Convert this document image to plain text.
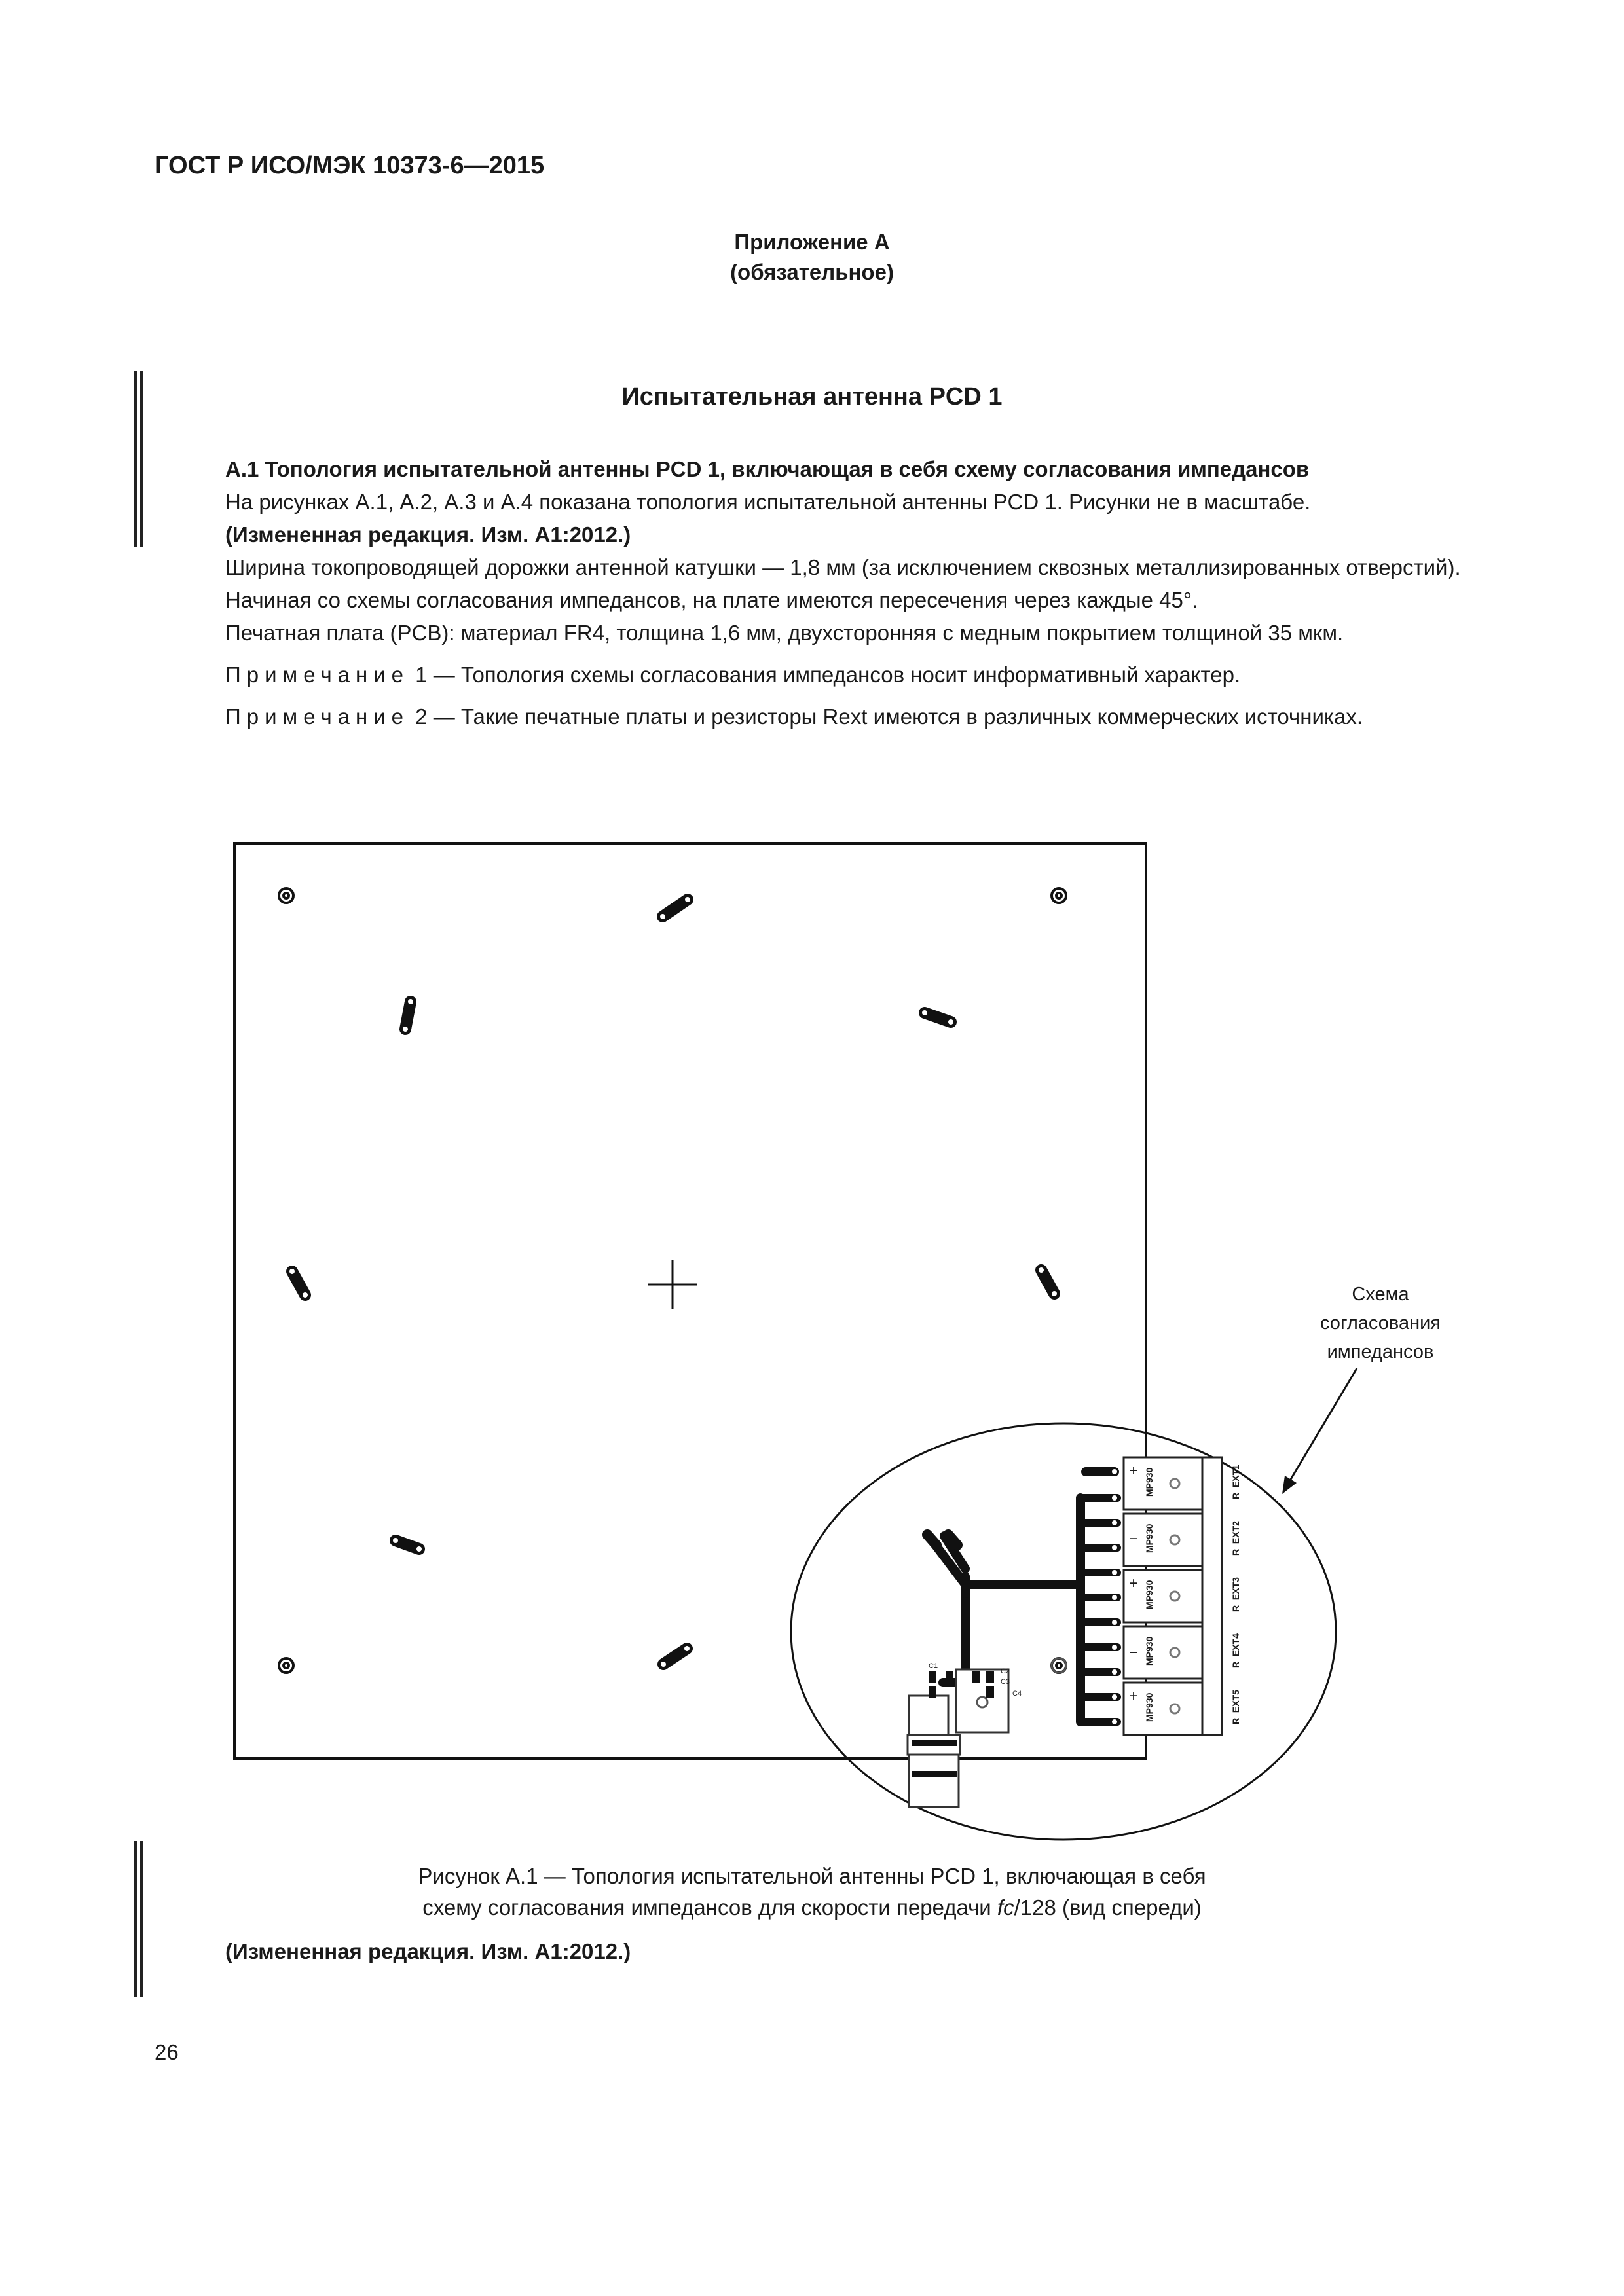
ГОСТ Р ИСО/МЭК 10373-6—2015
Приложение А
(обязательное)
Испытательная антенна PCD 1

А.1 Топология испытательной антенны PCD 1, включающая в себя схему согласования импедансов

На рисунках А.1, А.2, А.3 и А.4 показана топология испытательной антенны PCD 1. Рисунки не в масштабе.

(Измененная редакция. Изм. А1:2012.)

Ширина токопроводящей дорожки антенной катушки — 1,8 мм (за исключением сквозных металлизированных отверстий).

Начиная со схемы согласования импедансов, на плате имеются пересечения через каждые 45°.

Печатная плата (PCB): материал FR4, толщина 1,6 мм, двухсторонняя с медным покрытием толщиной 35 мкм.

Примечание 1 — Топология схемы согласования импедансов носит информативный характер.

Примечание 2 — Такие печатные платы и резисторы Rext имеются в различных коммерческих источниках.

Схема
согласования
импедансов
MP930
MP930
MP930
MP930
MP930
R_EXT1
R_EXT2
R_EXT3
R_EXT4
R_EXT5
+
−
+
−
+
C1
C2
C3
C4
Рисунок А.1 — Топология испытательной антенны PCD 1, включающая в себя
схему согласования импедансов для скорости передачи fc/128 (вид спереди)
(Измененная редакция. Изм. А1:2012.)
26
